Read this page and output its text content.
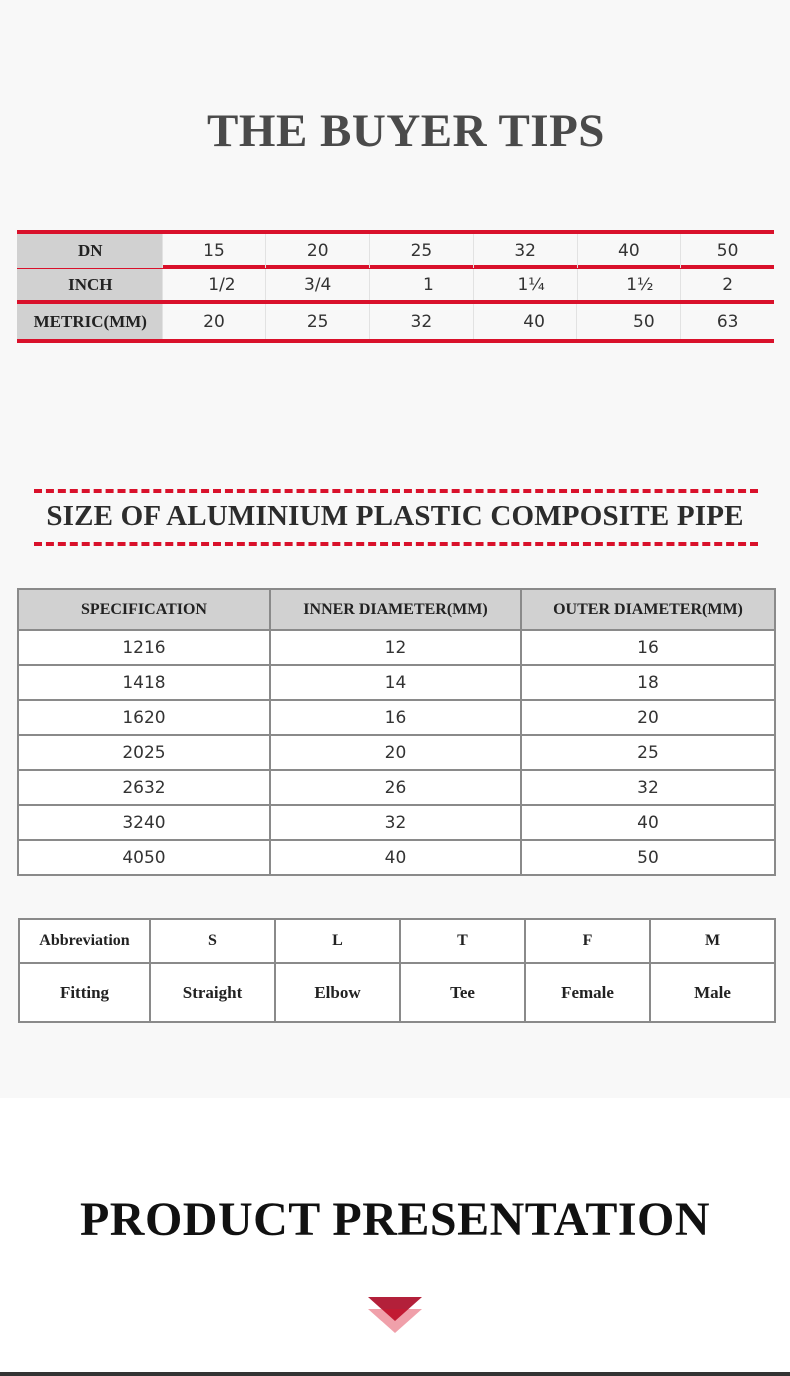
THE BUYER TIPS
DN	15	20	25	32	40	50
INCH	1/2	3/4	1	1¼	1½	2
METRIC(MM)	20	25	32	40	50	63
SIZE OF ALUMINIUM PLASTIC COMPOSITE PIPE
SPECIFICATION	INNER DIAMETER(MM)	OUTER DIAMETER(MM)
1216	12	16
1418	14	18
1620	16	20
2025	20	25
2632	26	32
3240	32	40
4050	40	50
Abbreviation	S	L	T	F	M
Fitting	Straight	Elbow	Tee	Female	Male
PRODUCT PRESENTATION
